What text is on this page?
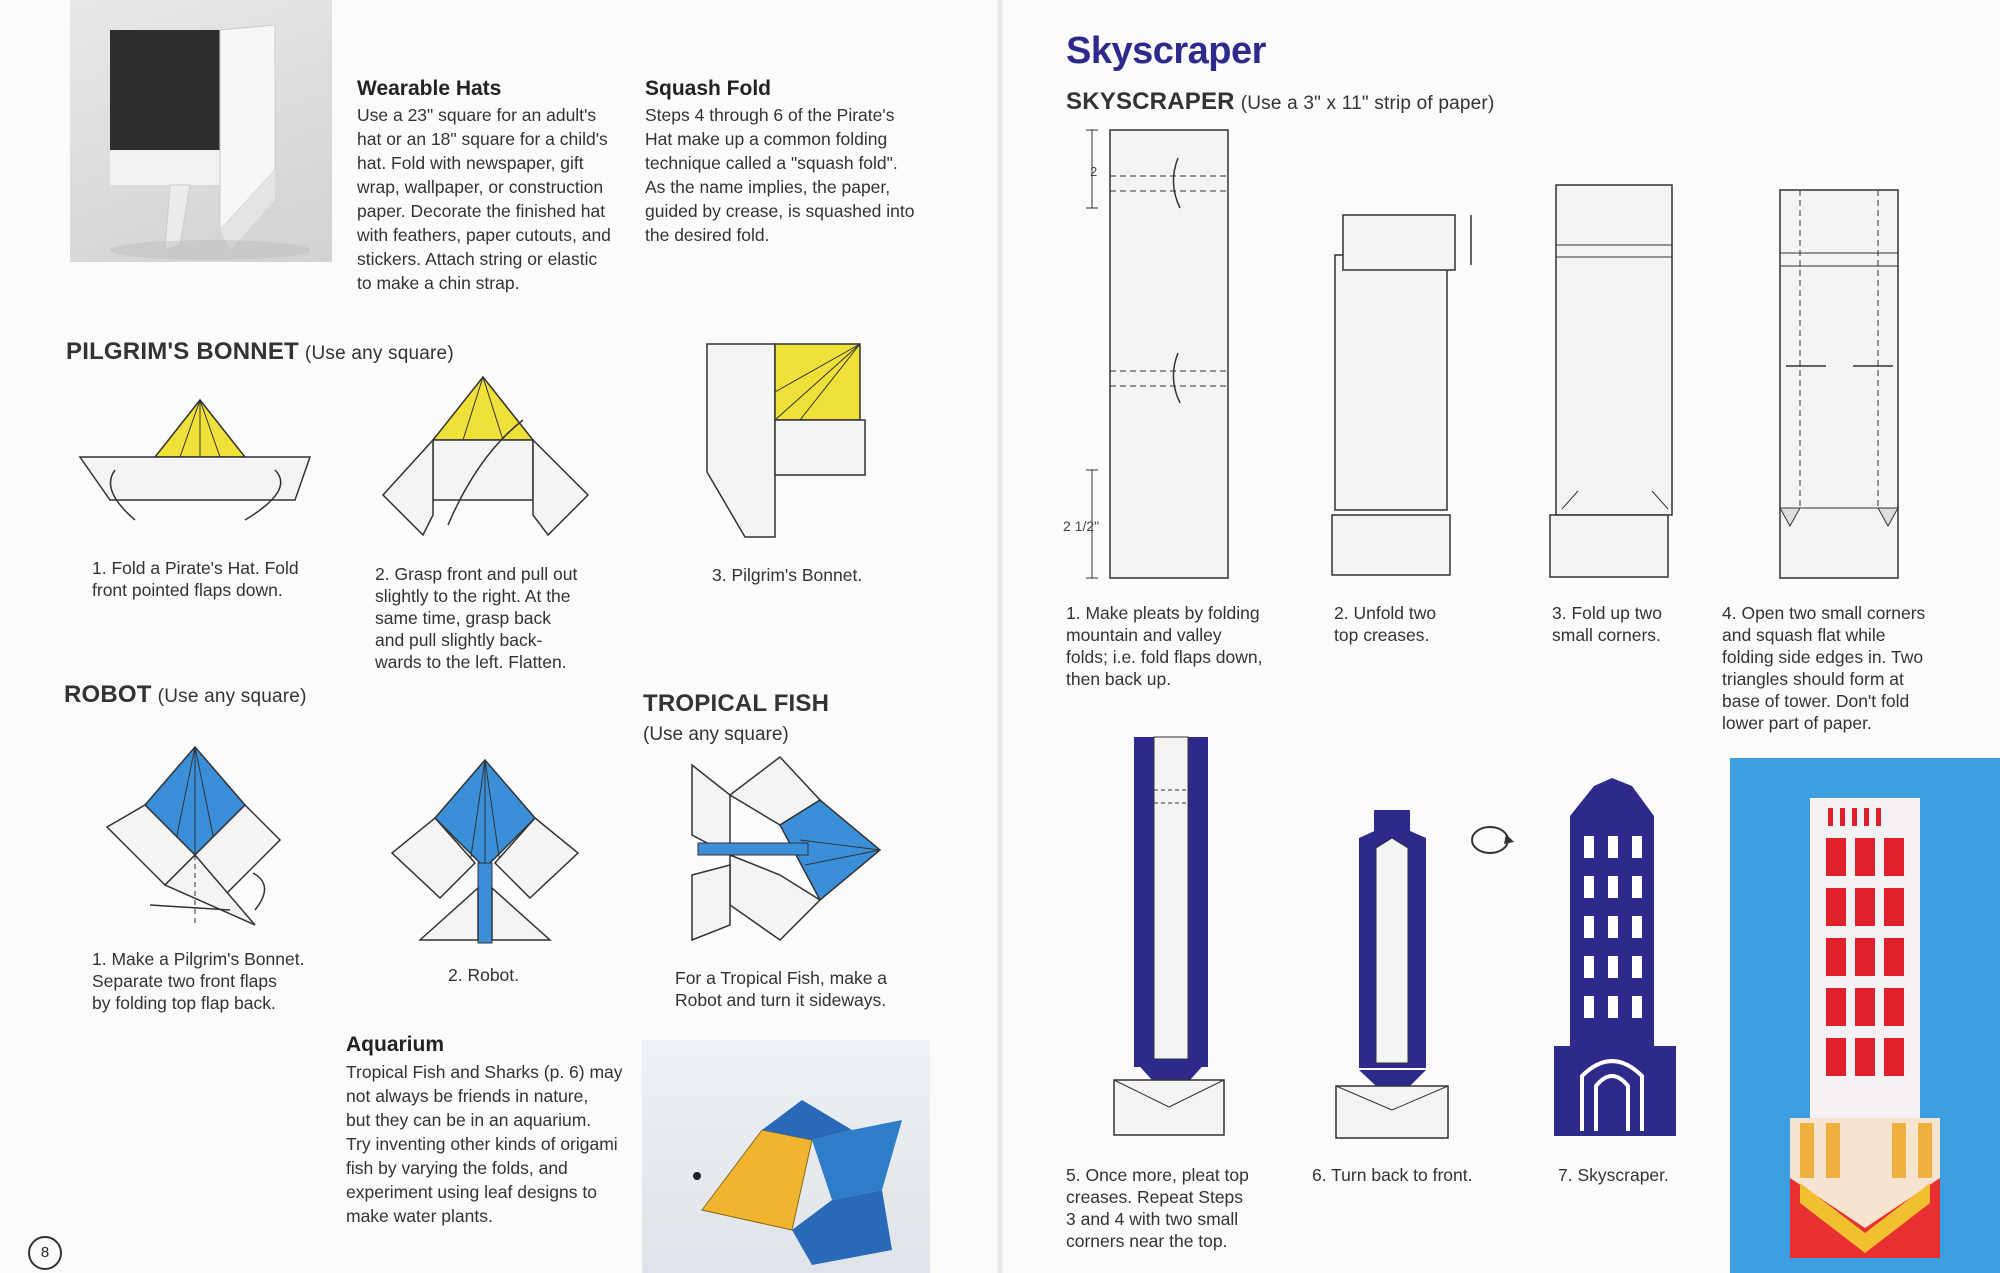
Wearable Hats
Use a 23" square for an adult's
hat or an 18" square for a child's
hat. Fold with newspaper, gift
wrap, wallpaper, or construction
paper. Decorate the finished hat
with feathers, paper cutouts, and
stickers. Attach string or elastic
to make a chin strap.
Squash Fold
Steps 4 through 6 of the Pirate's
Hat make up a common folding
technique called a "squash fold".
As the name implies, the paper,
guided by crease, is squashed into
the desired fold.
PILGRIM'S BONNET (Use any square)
1. Fold a Pirate's Hat. Fold
front pointed flaps down.
2. Grasp front and pull out
slightly to the right. At the
same time, grasp back
and pull slightly back-
wards to the left. Flatten.
3. Pilgrim's Bonnet.
ROBOT (Use any square)
1. Make a Pilgrim's Bonnet.
Separate two front flaps
by folding top flap back.
2. Robot.
TROPICAL FISH
(Use any square)
For a Tropical Fish, make a
Robot and turn it sideways.
Aquarium
Tropical Fish and Sharks (p. 6) may
not always be friends in nature,
but they can be in an aquarium.
Try inventing other kinds of origami
fish by varying the folds, and
experiment using leaf designs to
make water plants.
8
Skyscraper
SKYSCRAPER (Use a 3" x 11" strip of paper)
2
2 1/2"
1. Make pleats by folding
mountain and valley
folds; i.e. fold flaps down,
then back up.
2. Unfold two
top creases.
3. Fold up two
small corners.
4. Open two small corners
and squash flat while
folding side edges in. Two
triangles should form at
base of tower. Don't fold
lower part of paper.
5. Once more, pleat top
creases. Repeat Steps
3 and 4 with two small
corners near the top.
6. Turn back to front.	7. Skyscraper.
